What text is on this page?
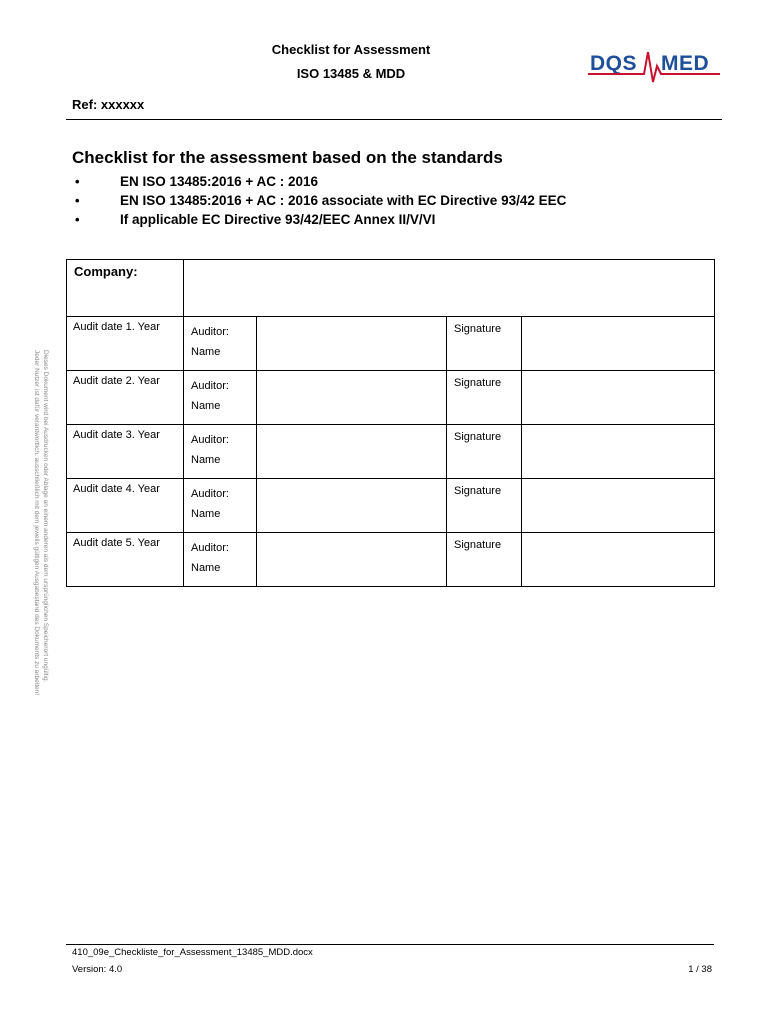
Checklist for Assessment
ISO 13485 & MDD
Ref: xxxxxx
DQS MED
Checklist for the assessment based on the standards
•	EN ISO 13485:2016 + AC : 2016
•	EN ISO 13485:2016 + AC : 2016 associate with EC Directive 93/42 EEC
•	If applicable EC Directive 93/42/EEC Annex II/V/VI
Company:				
Audit date 1. Year	Auditor:
Name		Signature	
Audit date 2. Year	Auditor:
Name		Signature	
Audit date 3. Year	Auditor:
Name		Signature	
Audit date 4. Year	Auditor:
Name		Signature	
Audit date 5. Year	Auditor:
Name		Signature	
Dieses Dokument wird bei Ausdrucken oder Ablage an einem anderen als dem ursprünglichen Speicherort ungültig.
Jeder Nutzer ist dafür verantwortlich, ausschließlich mit dem jeweils gültigen Ausgabestand des Dokuments zu arbeiten!
410_09e_Checkliste_for_Assessment_13485_MDD.docx
Version: 4.0	1 / 38
